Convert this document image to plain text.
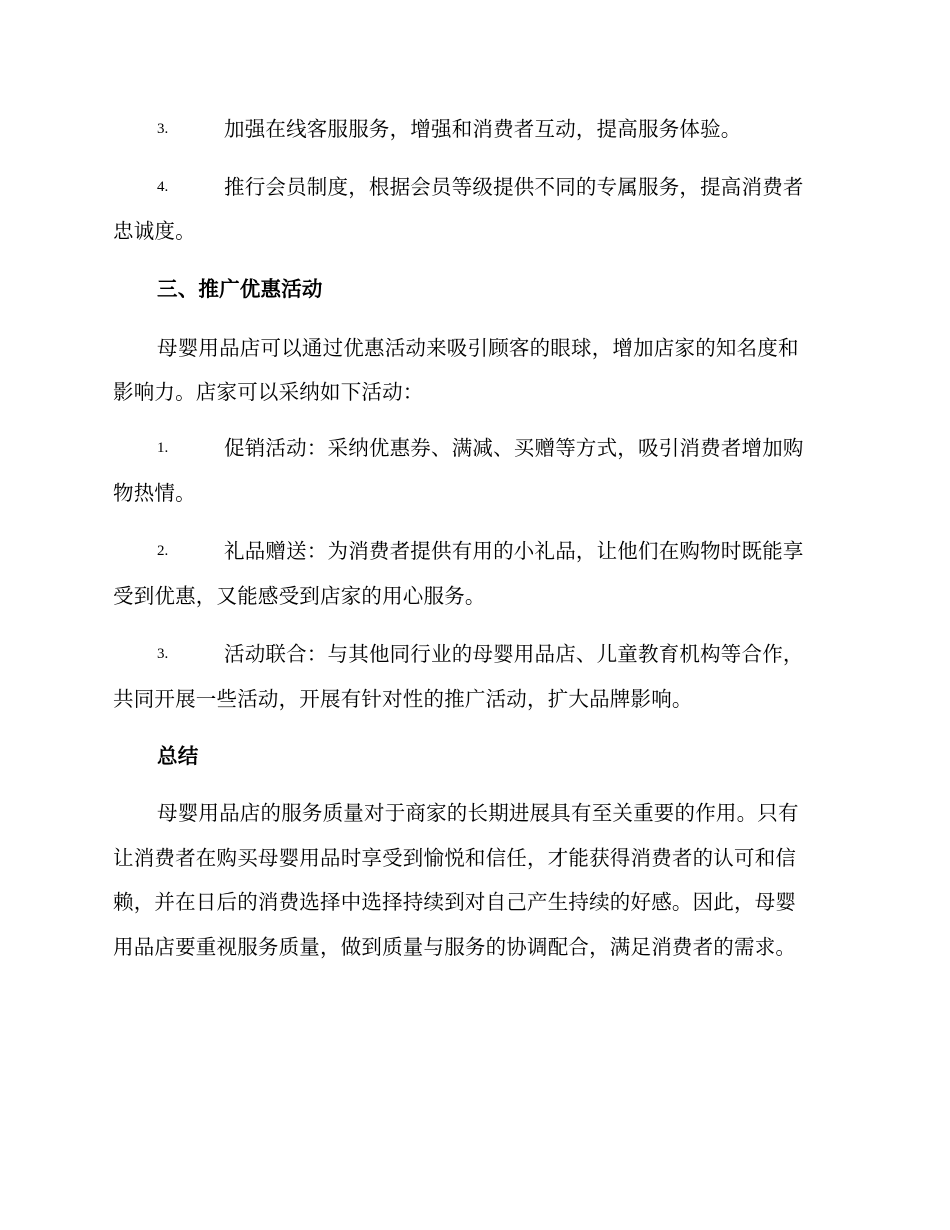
3.	加强在线客服服务，增强和消费者互动，提高服务体验。

4.	推行会员制度，根据会员等级提供不同的专属服务，提高消费者

忠诚度。

三、推广优惠活动

母婴用品店可以通过优惠活动来吸引顾客的眼球，增加店家的知名度和

影响力。店家可以采纳如下活动：

1.	促销活动：采纳优惠券、满减、买赠等方式，吸引消费者增加购

物热情。

2.	礼品赠送：为消费者提供有用的小礼品，让他们在购物时既能享

受到优惠，又能感受到店家的用心服务。

3.	活动联合：与其他同行业的母婴用品店、儿童教育机构等合作，

共同开展一些活动，开展有针对性的推广活动，扩大品牌影响。

总结

母婴用品店的服务质量对于商家的长期进展具有至关重要的作用。只有

让消费者在购买母婴用品时享受到愉悦和信任，才能获得消费者的认可和信

赖，并在日后的消费选择中选择持续到对自己产生持续的好感。因此，母婴

用品店要重视服务质量，做到质量与服务的协调配合，满足消费者的需求。
